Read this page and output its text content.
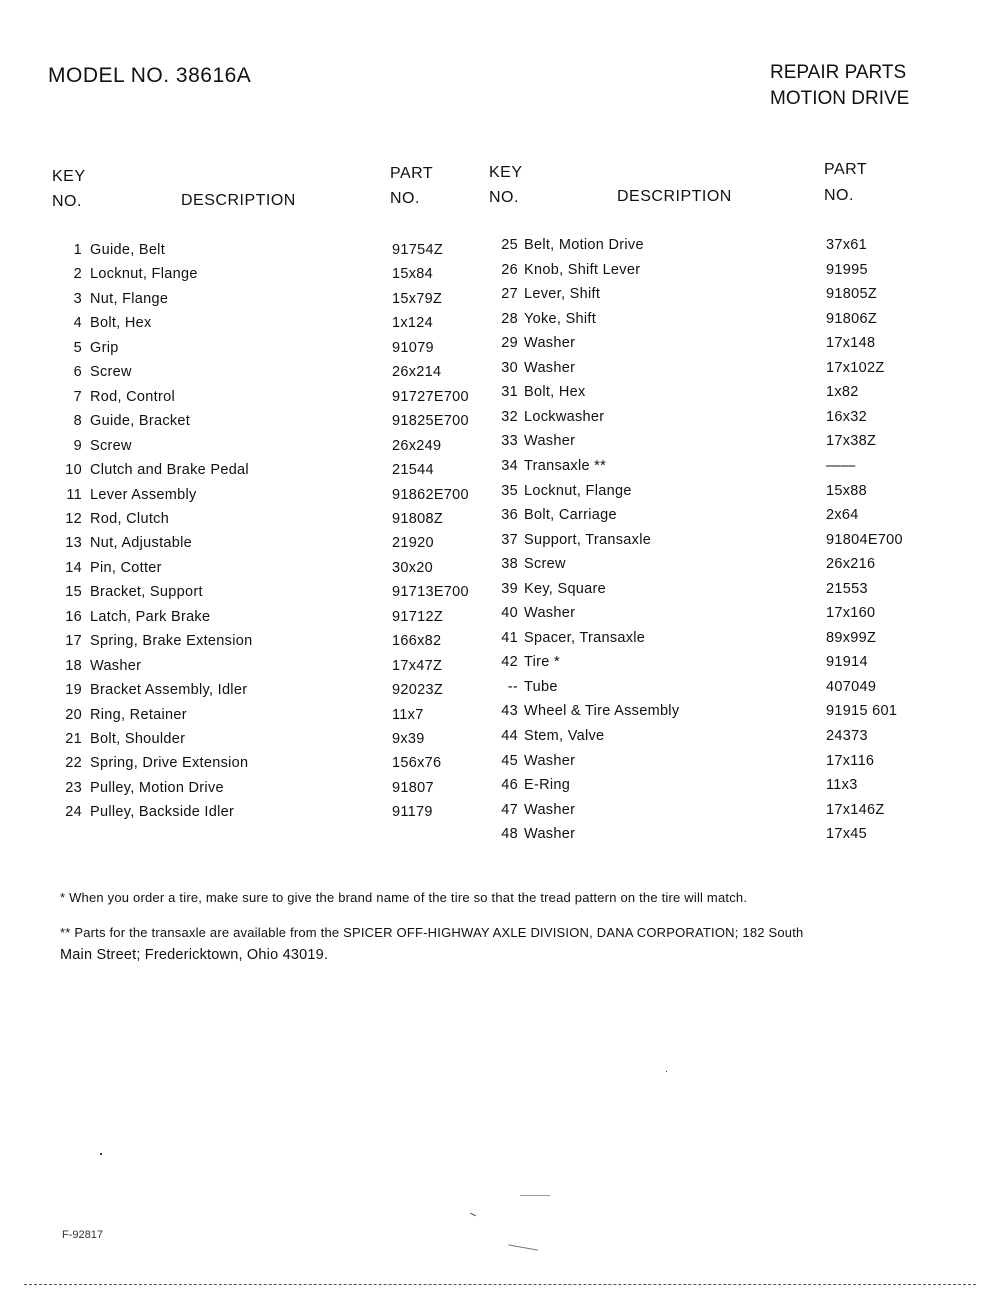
MODEL NO. 38616A	REPAIR PARTS
MOTION DRIVE
KEY
NO.	DESCRIPTION
PART
NO.
KEY
NO.	DESCRIPTION
PART
NO.
1 Guide, Belt	91754Z
2 Locknut, Flange	15x84
3 Nut, Flange	15x79Z
4 Bolt, Hex	1x124
5 Grip	91079
6 Screw	26x214
7 Rod, Control	91727E700
8 Guide, Bracket	91825E700
9 Screw	26x249
10 Clutch and Brake Pedal	21544
11 Lever Assembly	91862E700
12 Rod, Clutch	91808Z
13 Nut, Adjustable	21920
14 Pin, Cotter	30x20
15 Bracket, Support	91713E700
16 Latch, Park Brake	91712Z
17 Spring, Brake Extension	166x82
18 Washer	17x47Z
19 Bracket Assembly, Idler	92023Z
20 Ring, Retainer	11x7
21 Bolt, Shoulder	9x39
22 Spring, Drive Extension	156x76
23 Pulley, Motion Drive	91807
24 Pulley, Backside Idler	91179
25 Belt, Motion Drive	37x61
26 Knob, Shift Lever	91995
27 Lever, Shift	91805Z
28 Yoke, Shift	91806Z
29 Washer	17x148
30 Washer	17x102Z
31 Bolt, Hex	1x82
32 Lockwasher	16x32
33 Washer	17x38Z
34 Transaxle **	——
35 Locknut, Flange	15x88
36 Bolt, Carriage	2x64
37 Support, Transaxle	91804E700
38 Screw	26x216
39 Key, Square	21553
40 Washer	17x160
41 Spacer, Transaxle	89x99Z
42 Tire *	91914
-- Tube	407049
43 Wheel & Tire Assembly	91915 601
44 Stem, Valve	24373
45 Washer	17x116
46 E-Ring	11x3
47 Washer	17x146Z
48 Washer	17x45
* When you order a tire, make sure to give the brand name of the tire so that the tread pattern on the tire will match.
** Parts for the transaxle are available from the SPICER OFF-HIGHWAY AXLE DIVISION, DANA CORPORATION; 182 South
Main Street; Fredericktown, Ohio 43019.
F-92817
